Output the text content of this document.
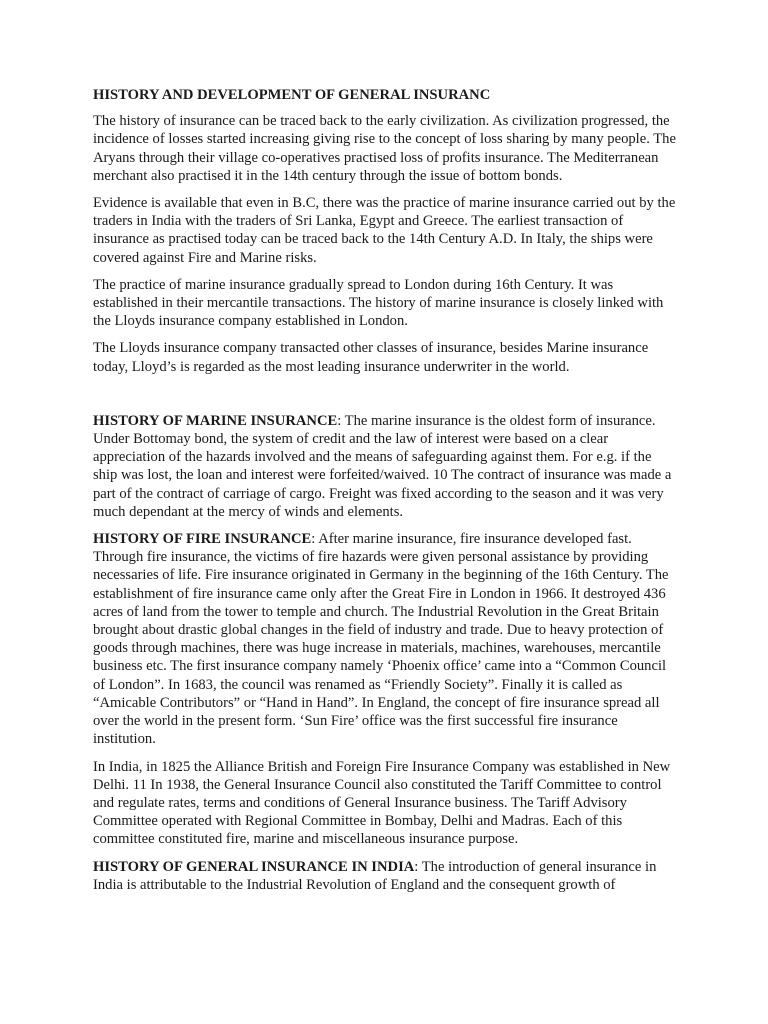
HISTORY AND DEVELOPMENT OF GENERAL INSURANC

The history of insurance can be traced back to the early civilization. As civilization progressed, the incidence of losses started increasing giving rise to the concept of loss sharing by many people. The Aryans through their village co-operatives practised loss of profits insurance. The Mediterranean merchant also practised it in the 14th century through the issue of bottom bonds.

Evidence is available that even in B.C, there was the practice of marine insurance carried out by the traders in India with the traders of Sri Lanka, Egypt and Greece. The earliest transaction of insurance as practised today can be traced back to the 14th Century A.D. In Italy, the ships were covered against Fire and Marine risks.

The practice of marine insurance gradually spread to London during 16th Century. It was established in their mercantile transactions. The history of marine insurance is closely linked with the Lloyds insurance company established in London.

The Lloyds insurance company transacted other classes of insurance, besides Marine insurance today, Lloyd’s is regarded as the most leading insurance underwriter in the world.

HISTORY OF MARINE INSURANCE: The marine insurance is the oldest form of insurance. Under Bottomay bond, the system of credit and the law of interest were based on a clear appreciation of the hazards involved and the means of safeguarding against them. For e.g. if the ship was lost, the loan and interest were forfeited/waived. 10 The contract of insurance was made a part of the contract of carriage of cargo. Freight was fixed according to the season and it was very much dependant at the mercy of winds and elements.

HISTORY OF FIRE INSURANCE: After marine insurance, fire insurance developed fast. Through fire insurance, the victims of fire hazards were given personal assistance by providing necessaries of life. Fire insurance originated in Germany in the beginning of the 16th Century. The establishment of fire insurance came only after the Great Fire in London in 1966. It destroyed 436 acres of land from the tower to temple and church. The Industrial Revolution in the Great Britain brought about drastic global changes in the field of industry and trade. Due to heavy protection of goods through machines, there was huge increase in materials, machines, warehouses, mercantile business etc. The first insurance company namely ‘Phoenix office’ came into a “Common Council of London”. In 1683, the council was renamed as “Friendly Society”. Finally it is called as “Amicable Contributors” or “Hand in Hand”. In England, the concept of fire insurance spread all over the world in the present form. ‘Sun Fire’ office was the first successful fire insurance institution.

In India, in 1825 the Alliance British and Foreign Fire Insurance Company was established in New Delhi. 11 In 1938, the General Insurance Council also constituted the Tariff Committee to control and regulate rates, terms and conditions of General Insurance business. The Tariff Advisory Committee operated with Regional Committee in Bombay, Delhi and Madras. Each of this committee constituted fire, marine and miscellaneous insurance purpose.

HISTORY OF GENERAL INSURANCE IN INDIA: The introduction of general insurance in India is attributable to the Industrial Revolution of England and the consequent growth of
